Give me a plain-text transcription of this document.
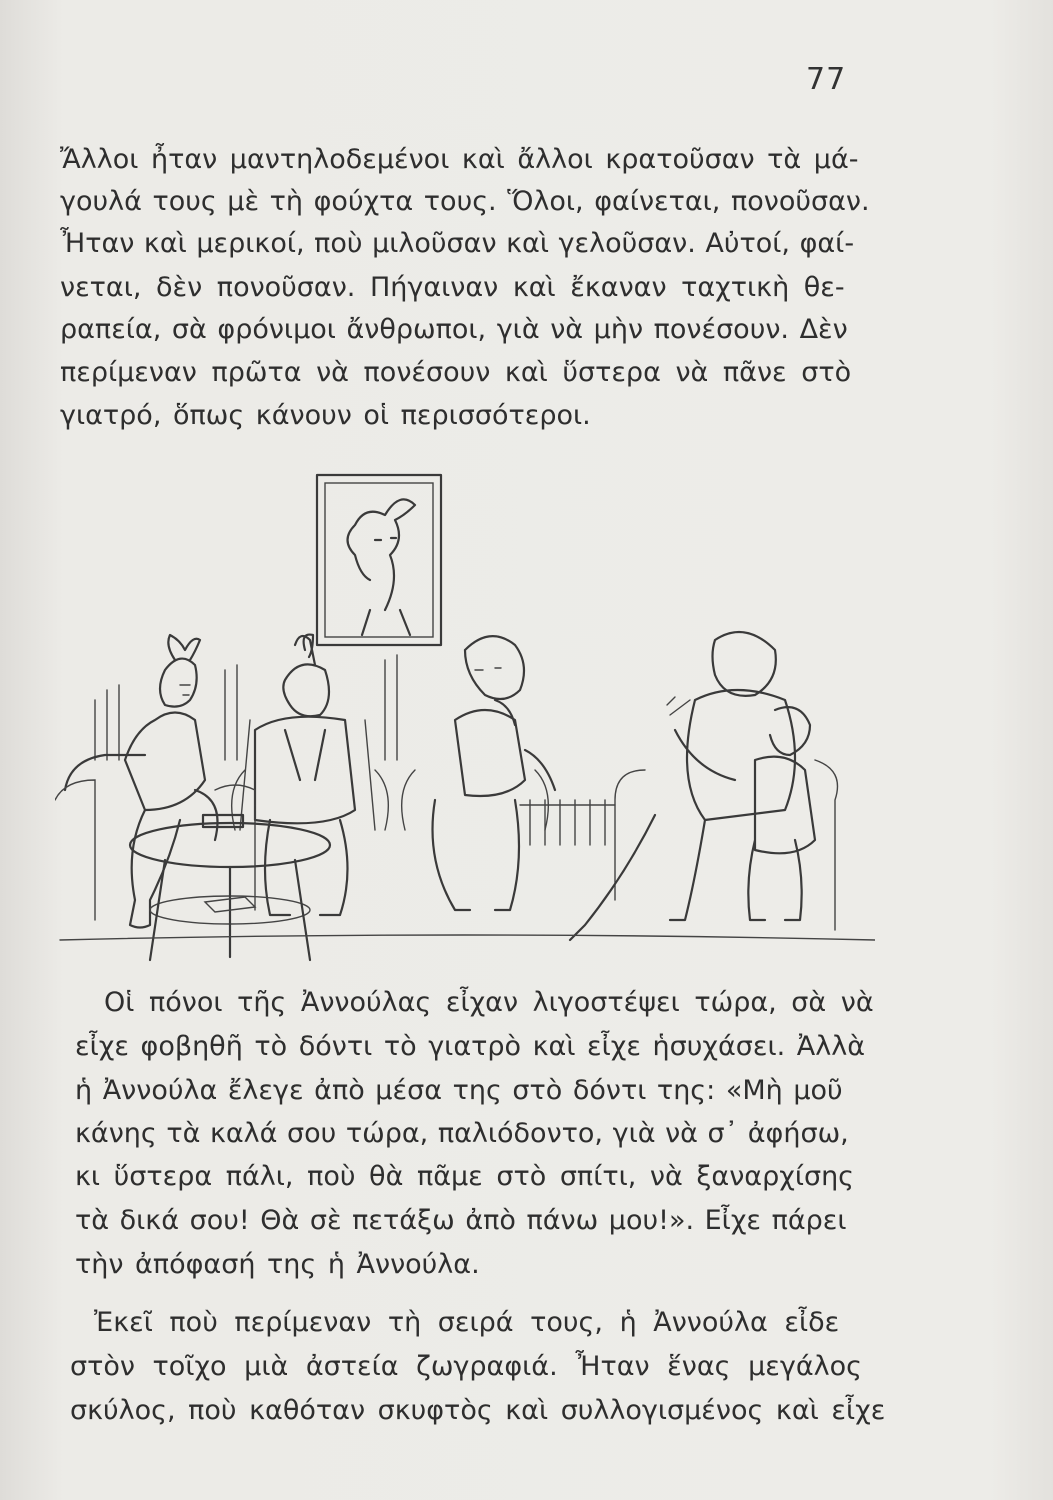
77
Ἄλλοι ἦταν μαντηλοδεμένοι καὶ ἄλλοι κρατοῦσαν τὰ μά-
γουλά τους μὲ τὴ φούχτα τους. Ὅλοι, φαίνεται, πονοῦσαν.
Ἦταν καὶ μερικοί, ποὺ μιλοῦσαν καὶ γελοῦσαν. Αὐτοί, φαί-
νεται, δὲν πονοῦσαν. Πήγαιναν καὶ ἔκαναν ταχτικὴ θε-
ραπεία, σὰ φρόνιμοι ἄνθρωποι, γιὰ νὰ μὴν πονέσουν. Δὲν
περίμεναν πρῶτα νὰ πονέσουν καὶ ὕστερα νὰ πᾶνε στὸ
γιατρό, ὅπως κάνουν οἱ περισσότεροι.
Οἱ πόνοι τῆς Ἀννούλας εἶχαν λιγοστέψει τώρα, σὰ νὰ
εἶχε φοβηθῆ τὸ δόντι τὸ γιατρὸ καὶ εἶχε ἡσυχάσει. Ἀλλὰ
ἡ Ἀννούλα ἔλεγε ἀπὸ μέσα της στὸ δόντι της: «Μὴ μοῦ
κάνης τὰ καλά σου τώρα, παλιόδοντο, γιὰ νὰ σ᾽ ἀφήσω,
κι ὕστερα πάλι, ποὺ θὰ πᾶμε στὸ σπίτι, νὰ ξαναρχίσης
τὰ δικά σου! Θὰ σὲ πετάξω ἀπὸ πάνω μου!». Εἶχε πάρει
τὴν ἀπόφασή της ἡ Ἀννούλα.
Ἐκεῖ ποὺ περίμεναν τὴ σειρά τους, ἡ Ἀννούλα εἶδε
στὸν τοῖχο μιὰ ἀστεία ζωγραφιά. Ἦταν ἕνας μεγάλος
σκύλος, ποὺ καθόταν σκυφτὸς καὶ συλλογισμένος καὶ εἶχε
